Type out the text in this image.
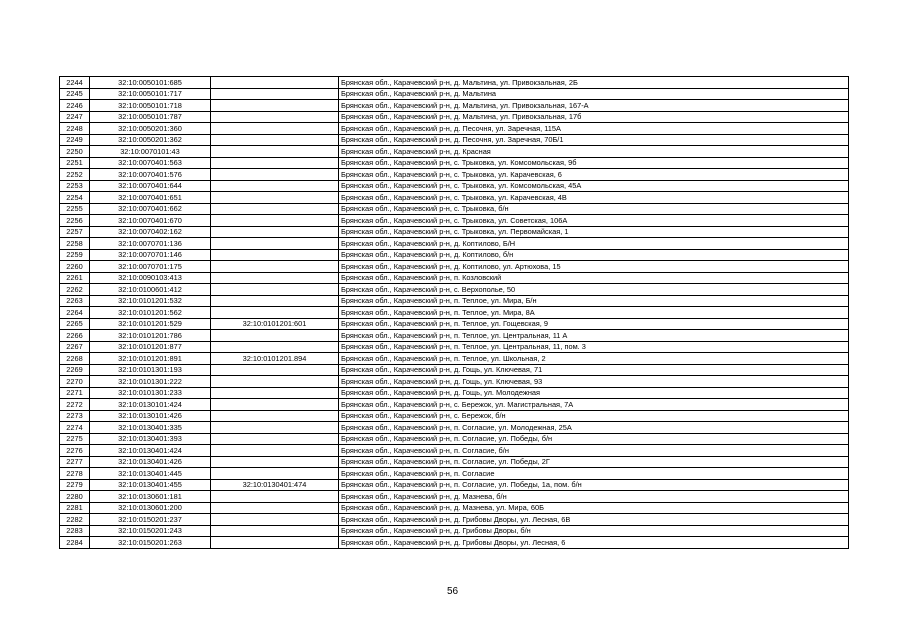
2244	32:10:0050101:685		Брянская обл., Карачевский р-н, д. Мальтина, ул. Привокзальная, 2Б
2245	32:10:0050101:717		Брянская обл., Карачевский р-н, д. Мальтина
2246	32:10:0050101:718		Брянская обл., Карачевский р-н, д. Мальтина, ул. Привокзальная, 167-А
2247	32:10:0050101:787		Брянская обл., Карачевский р-н, д. Мальтина, ул. Привокзальная, 17б
2248	32:10:0050201:360		Брянская обл., Карачевский р-н, д. Песочня, ул. Заречная, 115А
2249	32:10:0050201:362		Брянская обл., Карачевский р-н, д. Песочня, ул. Заречная, 70Б/1
2250	32:10:0070101:43		Брянская обл., Карачевский р-н, д. Красная
2251	32:10:0070401:563		Брянская обл., Карачевский р-н, с. Трыковка, ул. Комсомольская, 9б
2252	32:10:0070401:576		Брянская обл., Карачевский р-н, с. Трыковка, ул. Карачевская, 6
2253	32:10:0070401:644		Брянская обл., Карачевский р-н, с. Трыковка, ул. Комсомольская, 45А
2254	32:10:0070401:651		Брянская обл., Карачевский р-н, с. Трыковка, ул. Карачевская, 4В
2255	32:10:0070401:662		Брянская обл., Карачевский р-н, с. Трыковка, б/н
2256	32:10:0070401:670		Брянская обл., Карачевский р-н, с. Трыковка, ул. Советская, 106А
2257	32:10:0070402:162		Брянская обл., Карачевский р-н, с. Трыковка, ул. Первомайская, 1
2258	32:10:0070701:136		Брянская обл., Карачевский р-н, д. Коптилово, Б/Н
2259	32:10:0070701:146		Брянская обл., Карачевский р-н, д. Коптилово, б/н
2260	32:10:0070701:175		Брянская обл., Карачевский р-н, д. Коптилово, ул. Артюхова, 15
2261	32:10:0090103:413		Брянская обл., Карачевский р-н, п. Козловский
2262	32:10:0100601:412		Брянская обл., Карачевский р-н, с. Верхополье, 50
2263	32:10:0101201:532		Брянская обл., Карачевский р-н, п. Теплое, ул. Мира, Б/н
2264	32:10:0101201:562		Брянская обл., Карачевский р-н, п. Теплое, ул. Мира, 8А
2265	32:10:0101201:529	32:10:0101201:601	Брянская обл., Карачевский р-н, п. Теплое, ул. Гощевская, 9
2266	32:10:0101201:786		Брянская обл., Карачевский р-н, п. Теплое, ул. Центральная, 11 А
2267	32:10:0101201:877		Брянская обл., Карачевский р-н, п. Теплое, ул. Центральная, 11, пом. 3
2268	32:10:0101201:891	32:10:0101201.894	Брянская обл., Карачевский р-н, п. Теплое, ул. Школьная, 2
2269	32:10:0101301:193		Брянская обл., Карачевский р-н, д. Гощь, ул. Ключевая, 71
2270	32:10:0101301:222		Брянская обл., Карачевский р-н, д. Гощь, ул. Ключевая, 93
2271	32:10:0101301:233		Брянская обл., Карачевский р-н, д. Гощь, ул. Молодежная
2272	32:10:0130101:424		Брянская обл., Карачевский р-н, с. Бережок, ул. Магистральная, 7А
2273	32:10:0130101:426		Брянская обл., Карачевский р-н, с. Бережок, б/н
2274	32:10:0130401:335		Брянская обл., Карачевский р-н, п. Согласие, ул. Молодежная, 25А
2275	32:10:0130401:393		Брянская обл., Карачевский р-н, п. Согласие, ул. Победы, б/н
2276	32:10:0130401:424		Брянская обл., Карачевский р-н, п. Согласие, б/н
2277	32:10:0130401:426		Брянская обл., Карачевский р-н, п. Согласие, ул. Победы, 2Г
2278	32:10:0130401:445		Брянская обл., Карачевский р-н, п. Согласие
2279	32:10:0130401:455	32:10:0130401:474	Брянская обл., Карачевский р-н, п. Согласие, ул. Победы, 1а, пом. б/н
2280	32:10:0130601:181		Брянская обл., Карачевский р-н, д. Мазнева, б/н
2281	32:10:0130601:200		Брянская обл., Карачевский р-н, д. Мазнева, ул. Мира, 60Б
2282	32:10:0150201:237		Брянская обл., Карачевский р-н, д. Грибовы Дворы, ул. Лесная, 6В
2283	32:10:0150201:243		Брянская обл., Карачевский р-н, д. Грибовы Дворы, б/н
2284	32:10:0150201:263		Брянская обл., Карачевский р-н, д. Грибовы Дворы, ул. Лесная, 6
56
